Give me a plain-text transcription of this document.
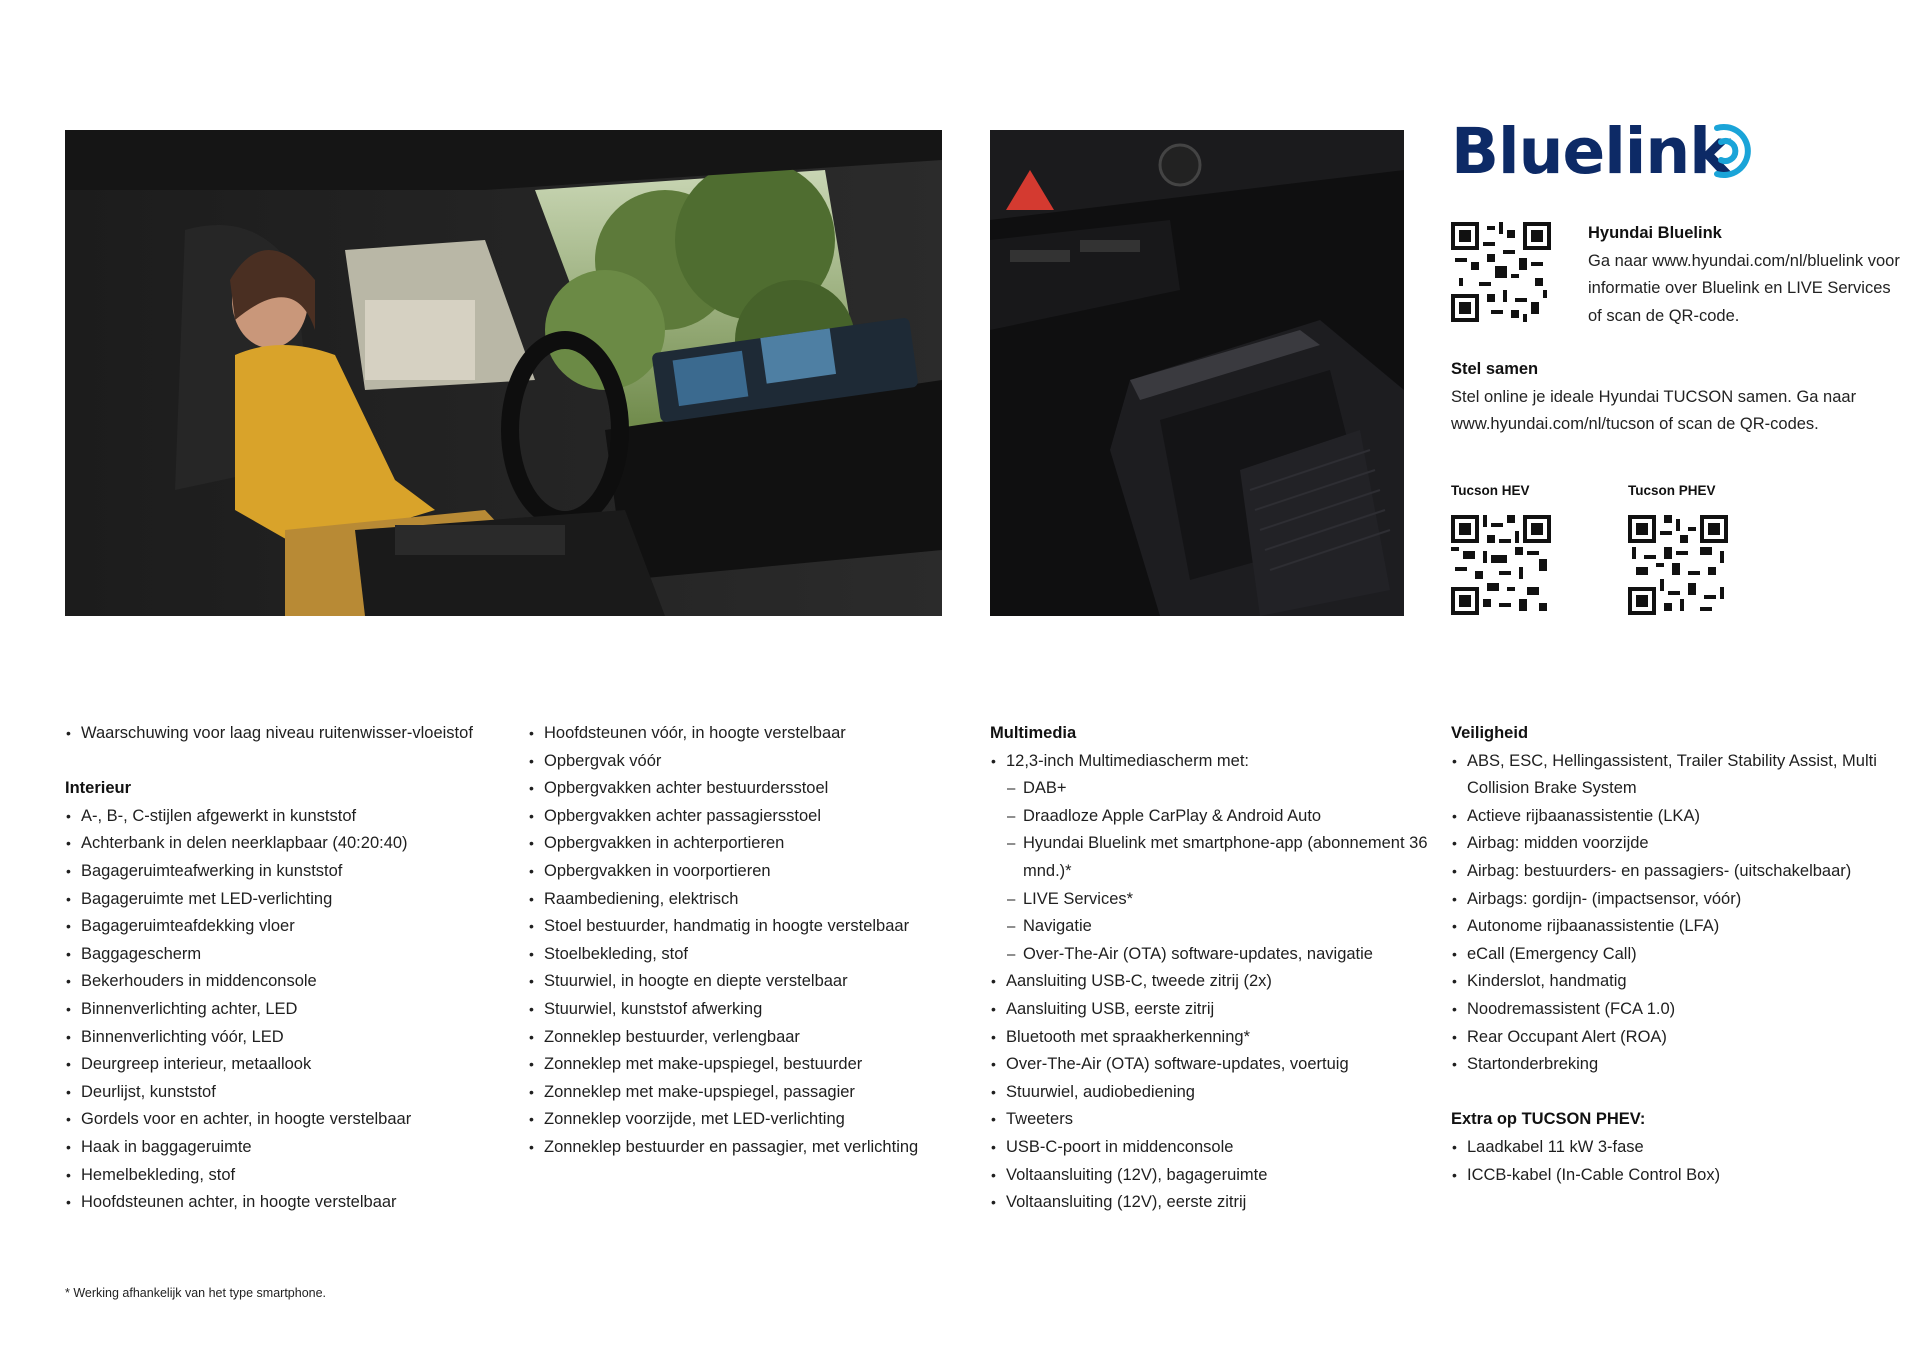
Bluelink
Hyundai Bluelink

Ga naar www.hyundai.com/nl/bluelink voor informatie over Bluelink en LIVE Services of scan de QR-code.

Stel samen

Stel online je ideale Hyundai TUCSON samen. Ga naar www.hyundai.com/nl/tucson of scan de QR-codes.

Tucson HEV	Tucson PHEV
• Waarschuwing voor laag niveau ruitenwisser-vloeistof
Interieur
• A-, B-, C-stijlen afgewerkt in kunststof
• Achterbank in delen neerklapbaar (40:20:40)
• Bagageruimteafwerking in kunststof
• Bagageruimte met LED-verlichting
• Bagageruimteafdekking vloer
• Baggagescherm
• Bekerhouders in middenconsole
• Binnenverlichting achter, LED
• Binnenverlichting vóór, LED
• Deurgreep interieur, metaallook
• Deurlijst, kunststof
• Gordels voor en achter, in hoogte verstelbaar
• Haak in baggageruimte
• Hemelbekleding, stof
• Hoofdsteunen achter, in hoogte verstelbaar
• Hoofdsteunen vóór, in hoogte verstelbaar
• Opbergvak vóór
• Opbergvakken achter bestuurdersstoel
• Opbergvakken achter passagiersstoel
• Opbergvakken in achterportieren
• Opbergvakken in voorportieren
• Raambediening, elektrisch
• Stoel bestuurder, handmatig in hoogte verstelbaar
• Stoelbekleding, stof
• Stuurwiel, in hoogte en diepte verstelbaar
• Stuurwiel, kunststof afwerking
• Zonneklep bestuurder, verlengbaar
• Zonneklep met make-upspiegel, bestuurder
• Zonneklep met make-upspiegel, passagier
• Zonneklep voorzijde, met LED-verlichting
• Zonneklep bestuurder en passagier, met verlichting
Multimedia
• 12,3-inch Multimediascherm met:
– DAB+
– Draadloze Apple CarPlay & Android Auto
– Hyundai Bluelink met smartphone-app (abonnement 36 mnd.)*
– LIVE Services*
– Navigatie
– Over-The-Air (OTA) software-updates, navigatie
• Aansluiting USB-C, tweede zitrij (2x)
• Aansluiting USB, eerste zitrij
• Bluetooth met spraakherkenning*
• Over-The-Air (OTA) software-updates, voertuig
• Stuurwiel, audiobediening
• Tweeters
• USB-C-poort in middenconsole
• Voltaansluiting (12V), bagageruimte
• Voltaansluiting (12V), eerste zitrij
Veiligheid
• ABS, ESC, Hellingassistent, Trailer Stability Assist, Multi Collision Brake System
• Actieve rijbaanassistentie (LKA)
• Airbag: midden voorzijde
• Airbag: bestuurders- en passagiers- (uitschakelbaar)
• Airbags: gordijn- (impactsensor, vóór)
• Autonome rijbaanassistentie (LFA)
• eCall (Emergency Call)
• Kinderslot, handmatig
• Noodremassistent (FCA 1.0)
• Rear Occupant Alert (ROA)
• Startonderbreking
Extra op TUCSON PHEV:
• Laadkabel 11 kW 3-fase
• ICCB-kabel (In-Cable Control Box)
* Werking afhankelijk van het type smartphone.
